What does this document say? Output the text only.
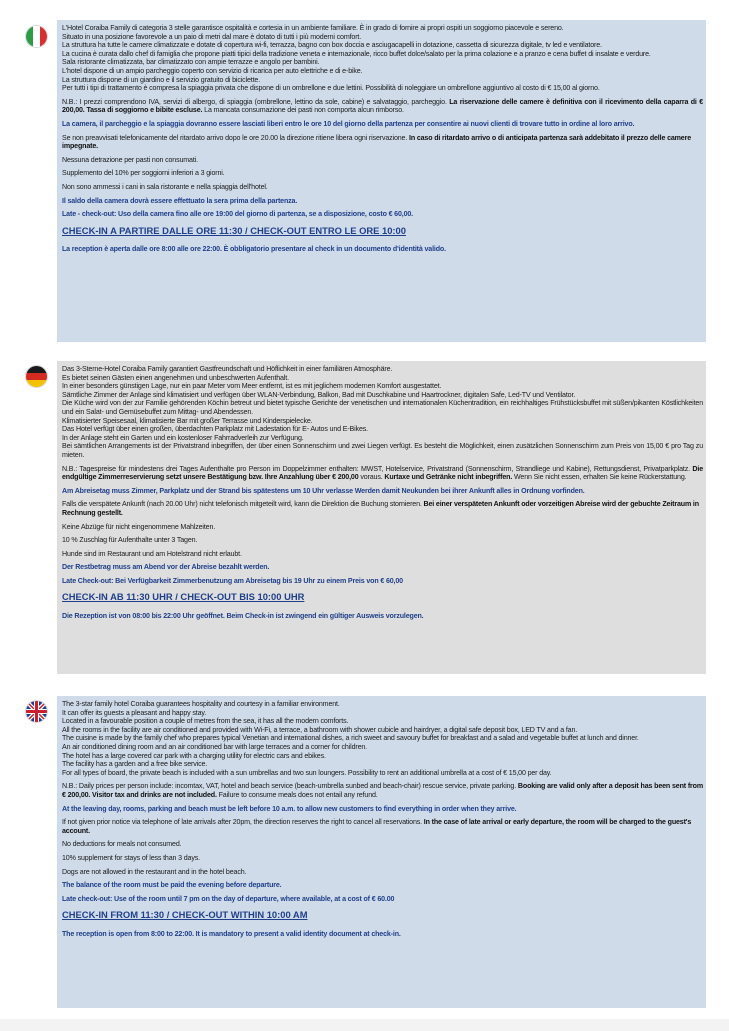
L'Hotel Coraiba Family di categoria 3 stelle garantisce ospitalità e cortesia in un ambiente familiare. È in grado di fornire ai propri ospiti un soggiorno piacevole e sereno.
Situato in una posizione favorevole a un paio di metri dal mare è dotato di tutti i più moderni comfort.
La struttura ha tutte le camere climatizzate e dotate di copertura wi-fi, terrazza, bagno con box doccia e asciugacapelli in dotazione, cassetta di sicurezza digitale, tv led e ventilatore.
La cucina è curata dallo chef di famiglia che propone piatti tipici della tradizione veneta e internazionale, ricco buffet dolce/salato per la prima colazione e a pranzo e cena buffet di insalate e verdure.
Sala ristorante climatizzata, bar climatizzato con ampie terrazze e angolo per bambini.
L'hotel dispone di un ampio parcheggio coperto con servizio di ricarica per auto elettriche e di e-bike.
La struttura dispone di un giardino e il servizio gratuito di biciclette.
Per tutti i tipi di trattamento è compresa la spiaggia privata che dispone di un ombrellone e due lettini. Possibilità di noleggiare un ombrellone aggiuntivo al costo di € 15,00 al giorno.

N.B.: I prezzi comprendono IVA, servizi di albergo, di spiaggia (ombrellone, lettino da sole, cabine) e salvataggio, parcheggio. La riservazione delle camere è definitiva con il ricevimento della caparra di € 200,00. Tassa di soggiorno e bibite escluse. La mancata consumazione dei pasti non comporta alcun rimborso.

La camera, il parcheggio e la spiaggia dovranno essere lasciati liberi entro le ore 10 del giorno della partenza per consentire ai nuovi clienti di trovare tutto in ordine al loro arrivo.

Se non preavvisati telefonicamente del ritardato arrivo dopo le ore 20.00 la direzione ritiene libera ogni riservazione. In caso di ritardato arrivo o di anticipata partenza sarà addebitato il prezzo delle camere impegnate.

Nessuna detrazione per pasti non consumati.

Supplemento del 10% per soggiorni inferiori a 3 giorni.

Non sono ammessi i cani in sala ristorante e nella spiaggia dell'hotel.

Il saldo della camera dovrà essere effettuato la sera prima della partenza.

Late - check-out: Uso della camera fino alle ore 19:00 del giorno di partenza, se a disposizione, costo € 60,00.

CHECK-IN A PARTIRE DALLE ORE 11:30 / CHECK-OUT ENTRO LE ORE 10:00

La reception è aperta dalle ore 8:00 alle ore 22:00. È obbligatorio presentare al check in un documento d'identità valido.

Das 3-Sterne-Hotel Coraiba Family garantiert Gastfreundschaft und Höflichkeit in einer familiären Atmosphäre.
Es bietet seinen Gästen einen angenehmen und unbeschwerten Aufenthalt.
In einer besonders günstigen Lage, nur ein paar Meter vom Meer entfernt, ist es mit jeglichem modernen Komfort ausgestattet.
Sämtliche Zimmer der Anlage sind klimatisiert und verfügen über WLAN-Verbindung, Balkon, Bad mit Duschkabine und Haartrockner, digitalen Safe, Led-TV und Ventilator.
Die Küche wird von der zur Familie gehörenden Köchin betreut und bietet typische Gerichte der venetischen und internationalen Küchentradition, ein reichhaltiges Frühstücksbuffet mit süßen/pikanten Köstlichkeiten und ein Salat- und Gemüsebuffet zum Mittag- und Abendessen.
Klimatisierter Speisesaal, klimatisierte Bar mit großer Terrasse und Kinderspielecke.
Das Hotel verfügt über einen großen, überdachten Parkplatz mit Ladestation für E- Autos und E-Bikes.
In der Anlage steht ein Garten und ein kostenloser Fahrradverleih zur Verfügung.
Bei sämtlichen Arrangements ist der Privatstrand inbegriffen, der über einen Sonnenschirm und zwei Liegen verfügt. Es besteht die Möglichkeit, einen zusätzlichen Sonnenschirm zum Preis von 15,00 € pro Tag zu mieten.

N.B.: Tagespreise für mindestens drei Tages Aufenthalte pro Person im Doppelzimmer enthalten: MWST, Hotelservice, Privatstrand (Sonnenschirm, Strandliege und Kabine), Rettungsdienst, Privatparkplatz. Die endgültige Zimmerreservierung setzt unsere Bestätigung bzw. Ihre Anzahlung über € 200,00 voraus. Kurtaxe und Getränke nicht inbegriffen. Wenn Sie nicht essen, erhalten Sie keine Rückerstattung.

Am Abreisetag muss Zimmer, Parkplatz und der Strand bis spätestens um 10 Uhr verlasse Werden damit Neukunden bei ihrer Ankunft alles in Ordnung vorfinden.

Falls die verspätete Ankunft (nach 20.00 Uhr) nicht telefonisch mitgeteilt wird, kann die Direktion die Buchung stornieren. Bei einer verspäteten Ankunft oder vorzeitigen Abreise wird der gebuchte Zeitraum in Rechnung gestellt.

Keine Abzüge für nicht eingenommene Mahlzeiten.

10 % Zuschlag für Aufenthalte unter 3 Tagen.

Hunde sind im Restaurant und am Hotelstrand nicht erlaubt.

Der Restbetrag muss am Abend vor der Abreise bezahlt werden.

Late Check-out: Bei Verfügbarkeit Zimmerbenutzung am Abreisetag bis 19 Uhr zu einem Preis von € 60,00

CHECK-IN AB 11:30 UHR / CHECK-OUT BIS 10:00 UHR

Die Rezeption ist von 08:00 bis 22:00 Uhr geöffnet. Beim Check-in ist zwingend ein gültiger Ausweis vorzulegen.

The 3-star family hotel Coraiba guarantees hospitality and courtesy in a familiar environment.
It can offer its guests a pleasant and happy stay.
Located in a favourable position a couple of metres from the sea, it has all the modern comforts.
All the rooms in the facility are air conditioned and provided with Wi-Fi, a terrace, a bathroom with shower cubicle and hairdryer, a digital safe deposit box, LED TV and a fan.
The cuisine is made by the family chef who prepares typical Venetian and international dishes, a rich sweet and savoury buffet for breakfast and a salad and vegetable buffet at lunch and dinner.
An air conditioned dining room and an air conditioned bar with large terraces and a corner for children.
The hotel has a large covered car park with a charging utility for electric cars and ebikes.
The facility has a garden and a free bike service.
For all types of board, the private beach is included with a sun umbrellas and two sun loungers. Possibility to rent an additional umbrella at a cost of € 15,00 per day.

N.B.: Daily prices per person include: incomtax, VAT, hotel and beach service (beach-umbrella sunbed and beach-chair) rescue service, private parking. Booking are valid only after a deposit has been sent from € 200,00. Visitor tax and drinks are not included. Failure to consume meals does not entail any refund.

At the leaving day, rooms, parking and beach must be left before 10 a.m. to allow new customers to find everything in order when they arrive.

If not given prior notice via telephone of late arrivals after 20pm, the direction reserves the right to cancel all reservations. In the case of late arrival or early departure, the room will be charged to the guest's account.

No deductions for meals not consumed.

10% supplement for stays of less than 3 days.

Dogs are not allowed in the restaurant and in the hotel beach.

The balance of the room must be paid the evening before departure.

Late check-out: Use of the room until 7 pm on the day of departure, where available, at a cost of € 60.00

CHECK-IN FROM 11:30 / CHECK-OUT WITHIN 10:00 AM

The reception is open from 8:00 to 22:00. It is mandatory to present a valid identity document at check-in.
